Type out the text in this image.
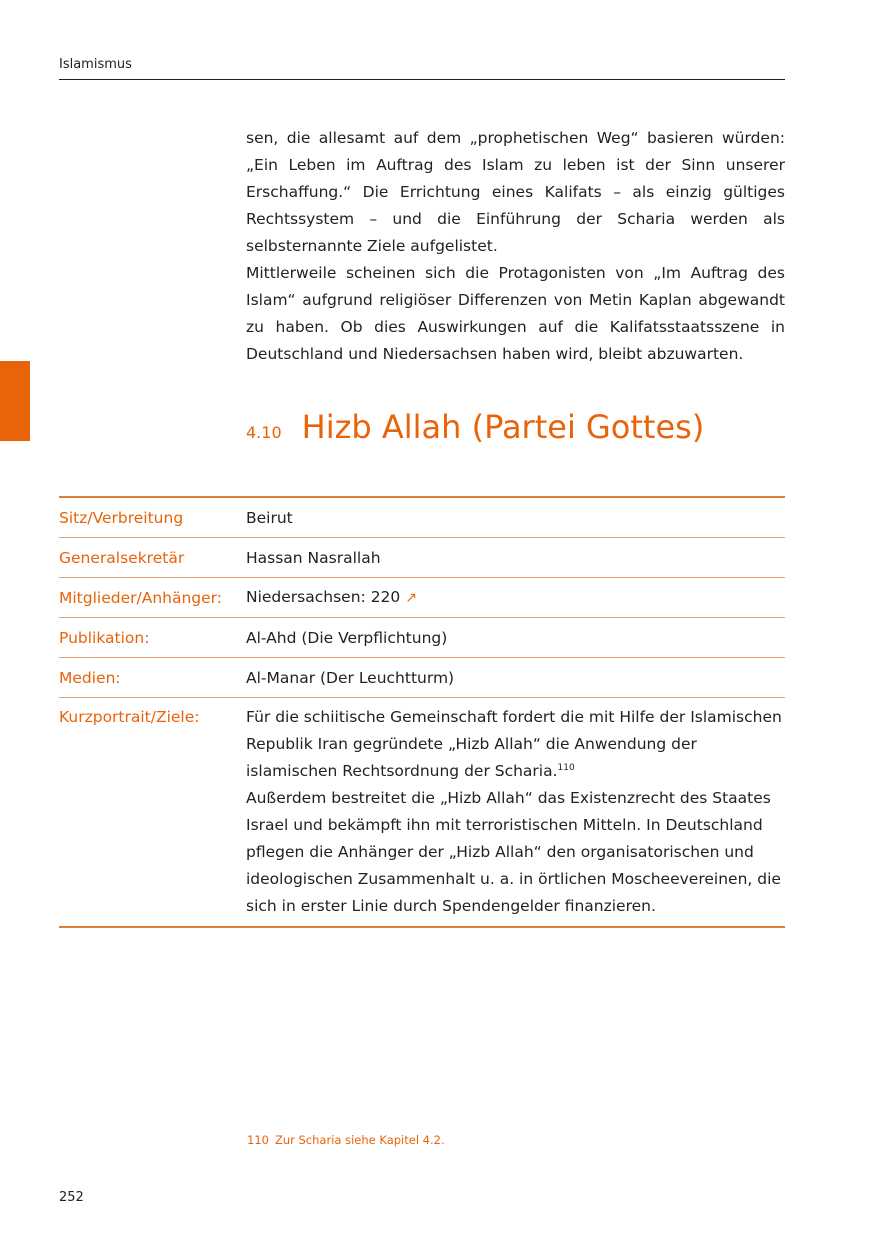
Islamismus

sen, die allesamt auf dem „prophetischen Weg“ basieren würden: „Ein Leben im Auftrag des Islam zu leben ist der Sinn unserer Erschaffung.“ Die Errichtung eines Kalifats – als einzig gültiges Rechtssystem – und die Einführung der Scharia werden als selbsternannte Ziele aufgelistet.

Mittlerweile scheinen sich die Protagonisten von „Im Auftrag des Islam“ aufgrund religiöser Differenzen von Metin Kaplan abgewandt zu haben. Ob dies Auswirkungen auf die Kalifatsstaatsszene in Deutschland und Niedersachsen haben wird, bleibt abzuwarten.

4.10 Hizb Allah (Partei Gottes)
Sitz/Verbreitung	Beirut
Generalsekretär	Hassan Nasrallah
Mitglieder/Anhänger:	Niedersachsen: 220 ↗
Publikation:	Al-Ahd (Die Verpflichtung)
Medien:	Al-Manar (Der Leuchtturm)
Kurzportrait/Ziele:	Für die schiitische Gemeinschaft fordert die mit Hilfe der Islamischen Republik Iran gegründete „Hizb Allah“ die Anwendung der islamischen Rechtsordnung der Scharia.$^{110}$

Außerdem bestreitet die „Hizb Allah“ das Existenzrecht des Staates Israel und bekämpft ihn mit terroristischen Mitteln. In Deutschland pflegen die Anhänger der „Hizb Allah“ den organisatorischen und ideologischen Zusammenhalt u. a. in örtlichen Moscheevereinen, die sich in erster Linie durch Spendengelder finanzieren.

110 Zur Scharia siehe Kapitel 4.2.
252
